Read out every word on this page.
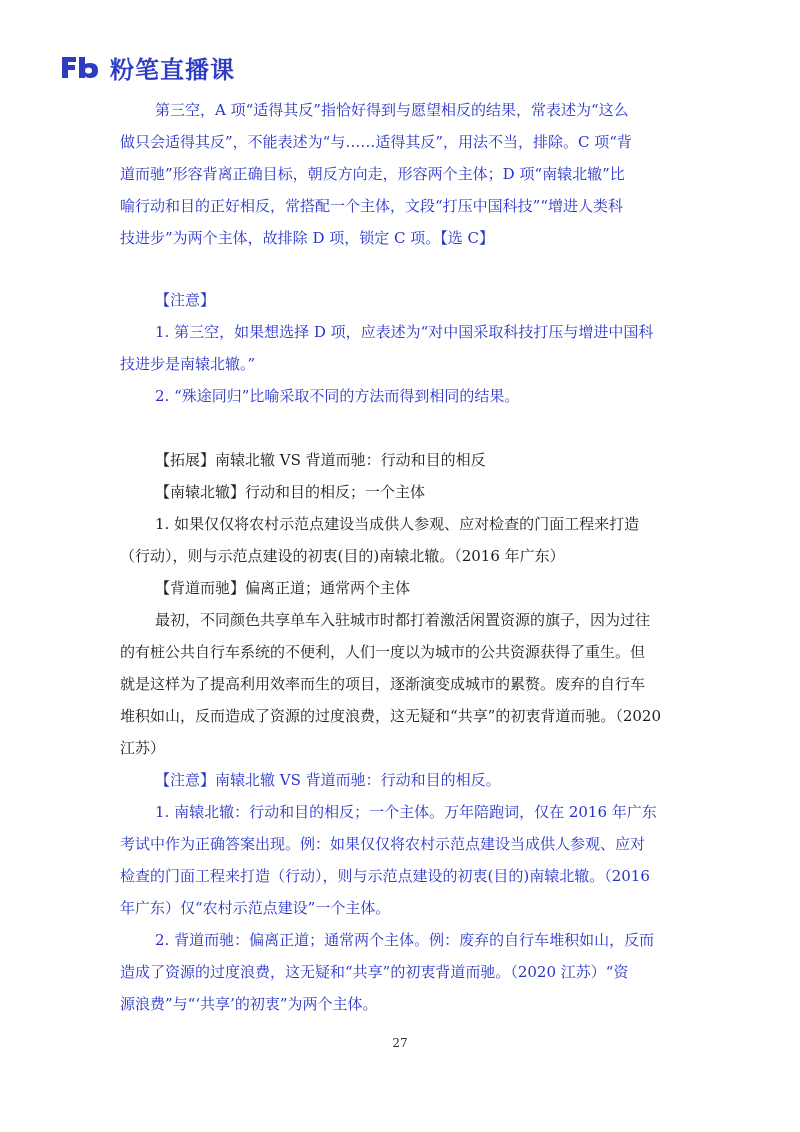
粉笔直播课
第三空，A 项“适得其反”指恰好得到与愿望相反的结果，常表述为“这么
做只会适得其反”，不能表述为“与……适得其反”，用法不当，排除。C 项“背
道而驰”形容背离正确目标，朝反方向走，形容两个主体；D 项“南辕北辙”比
喻行动和目的正好相反，常搭配一个主体，文段“打压中国科技”“增进人类科
技进步”为两个主体，故排除 D 项，锁定 C 项。【选 C】
【注意】
1. 第三空，如果想选择 D 项，应表述为“对中国采取科技打压与增进中国科
技进步是南辕北辙。”
2. “殊途同归”比喻采取不同的方法而得到相同的结果。
【拓展】南辕北辙 VS 背道而驰：行动和目的相反
【南辕北辙】行动和目的相反；一个主体
1. 如果仅仅将农村示范点建设当成供人参观、应对检查的门面工程来打造
（行动），则与示范点建设的初衷(目的)南辕北辙。（2016 年广东）
【背道而驰】偏离正道；通常两个主体
最初，不同颜色共享单车入驻城市时都打着激活闲置资源的旗子，因为过往
的有桩公共自行车系统的不便利，人们一度以为城市的公共资源获得了重生。但
就是这样为了提高利用效率而生的项目，逐渐演变成城市的累赘。废弃的自行车
堆积如山，反而造成了资源的过度浪费，这无疑和“共享”的初衷背道而驰。（2020
江苏）
【注意】南辕北辙 VS 背道而驰：行动和目的相反。
1. 南辕北辙：行动和目的相反；一个主体。万年陪跑词，仅在 2016 年广东
考试中作为正确答案出现。例：如果仅仅将农村示范点建设当成供人参观、应对
检查的门面工程来打造（行动），则与示范点建设的初衷(目的)南辕北辙。（2016
年广东）仅“农村示范点建设”一个主体。
2. 背道而驰：偏离正道；通常两个主体。例：废弃的自行车堆积如山，反而
造成了资源的过度浪费，这无疑和“共享”的初衷背道而驰。（2020 江苏）“资
源浪费”与“‘共享’的初衷”为两个主体。
27
